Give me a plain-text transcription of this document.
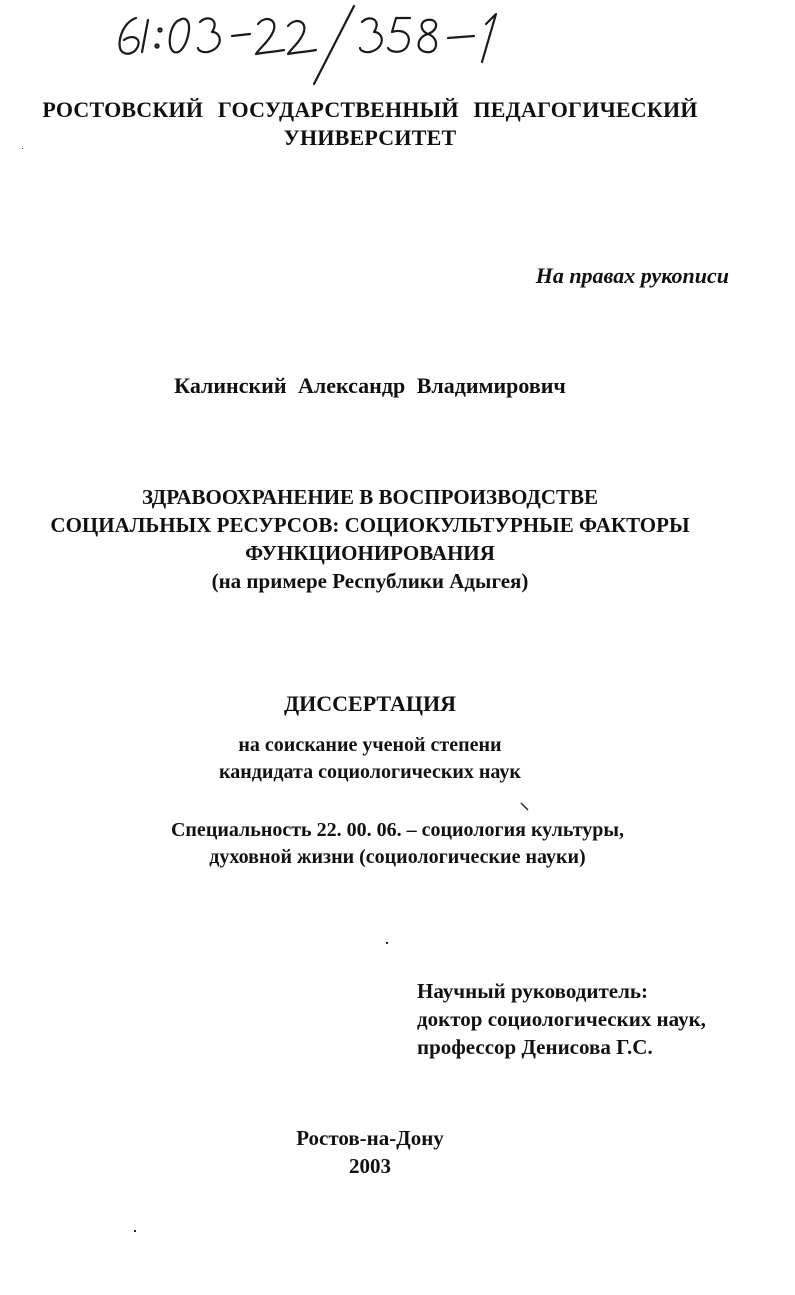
РОСТОВСКИЙ ГОСУДАРСТВЕННЫЙ ПЕДАГОГИЧЕСКИЙ
УНИВЕРСИТЕТ
На правах рукописи
Калинский Александр Владимирович
ЗДРАВООХРАНЕНИЕ В ВОСПРОИЗВОДСТВЕ
СОЦИАЛЬНЫХ РЕСУРСОВ: СОЦИОКУЛЬТУРНЫЕ ФАКТОРЫ
ФУНКЦИОНИРОВАНИЯ
(на примере Республики Адыгея)
ДИССЕРТАЦИЯ
на соискание ученой степени
кандидата социологических наук
Специальность 22. 00. 06. – социология культуры,
духовной жизни (социологические науки)
Научный руководитель:
доктор социологических наук,
профессор Денисова Г.С.
Ростов-на-Дону
2003
